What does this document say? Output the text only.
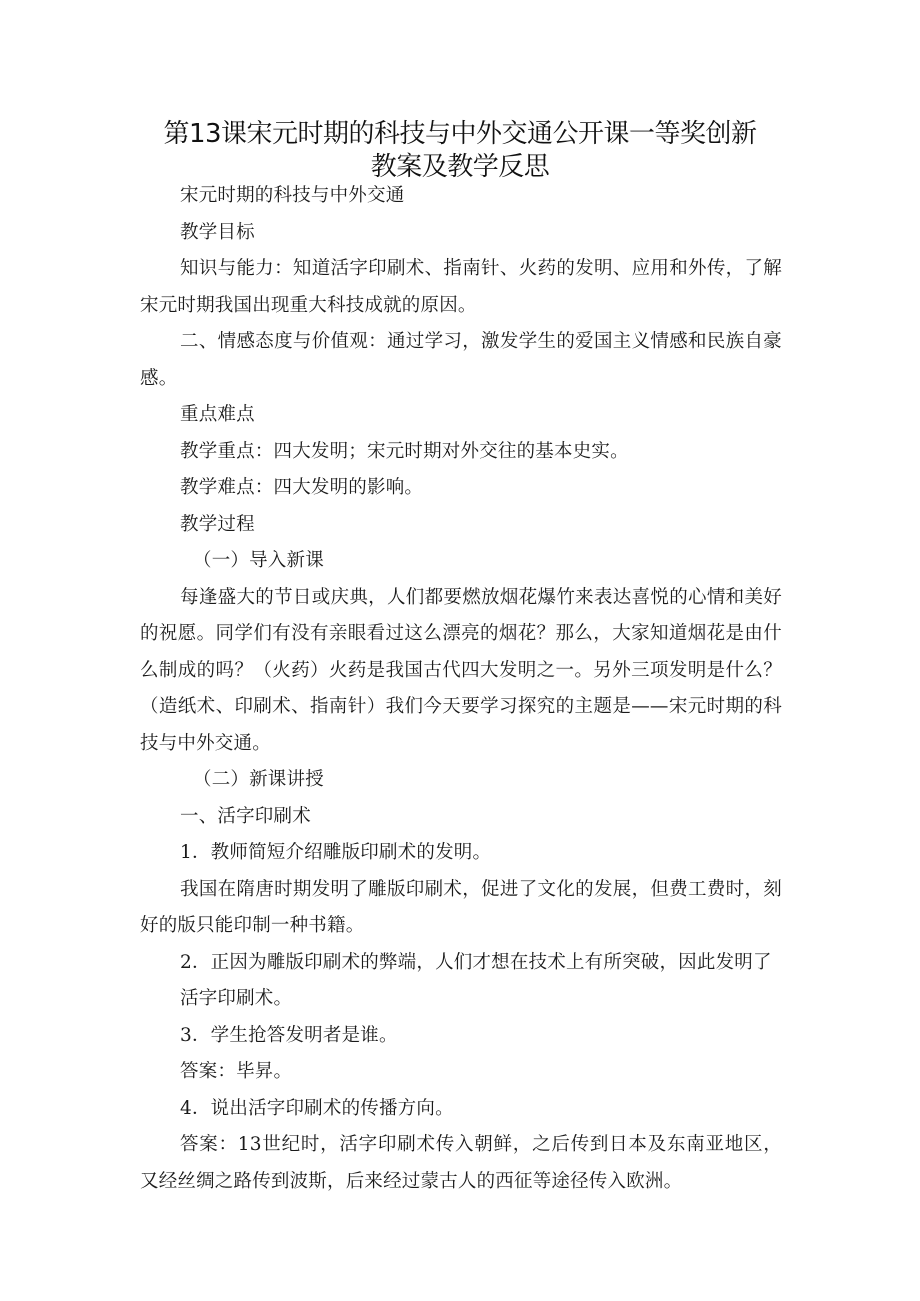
第13课宋元时期的科技与中外交通公开课一等奖创新
教案及教学反思

宋元时期的科技与中外交通

教学目标

知识与能力：知道活字印刷术、指南针、火药的发明、应用和外传，了解宋元时期我国出现重大科技成就的原因。

二、情感态度与价值观：通过学习，激发学生的爱国主义情感和民族自豪感。

重点难点

教学重点：四大发明；宋元时期对外交往的基本史实。

教学难点：四大发明的影响。

教学过程

（一）导入新课

每逢盛大的节日或庆典，人们都要燃放烟花爆竹来表达喜悦的心情和美好的祝愿。同学们有没有亲眼看过这么漂亮的烟花？那么，大家知道烟花是由什么制成的吗？（火药）火药是我国古代四大发明之一。另外三项发明是什么？（造纸术、印刷术、指南针）我们今天要学习探究的主题是——宋元时期的科技与中外交通。

（二）新课讲授

一、活字印刷术

1．教师简短介绍雕版印刷术的发明。

我国在隋唐时期发明了雕版印刷术，促进了文化的发展，但费工费时，刻好的版只能印制一种书籍。

2．正因为雕版印刷术的弊端，人们才想在技术上有所突破，因此发明了

活字印刷术。

3．学生抢答发明者是谁。

答案：毕昇。

4．说出活字印刷术的传播方向。

答案：13世纪时，活字印刷术传入朝鲜，之后传到日本及东南亚地区，又经丝绸之路传到波斯，后来经过蒙古人的西征等途径传入欧洲。
